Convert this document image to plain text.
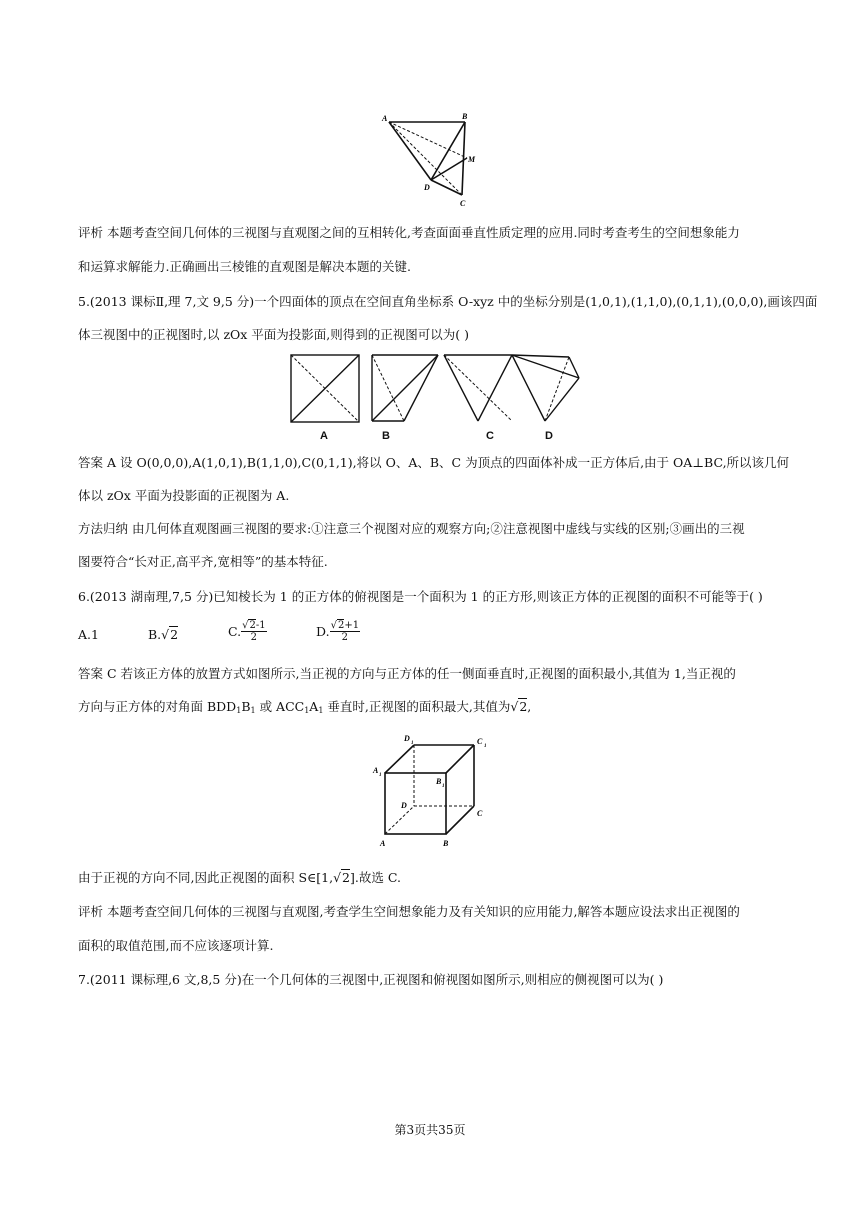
A	B
M
D
C
评析 本题考查空间几何体的三视图与直观图之间的互相转化,考查面面垂直性质定理的应用.同时考查考生的空间想象能力
和运算求解能力.正确画出三棱锥的直观图是解决本题的关键.
5.(2013 课标Ⅱ,理 7,文 9,5 分)一个四面体的顶点在空间直角坐标系 O-xyz 中的坐标分别是(1,0,1),(1,1,0),(0,1,1),(0,0,0),画该四面
体三视图中的正视图时,以 zOx 平面为投影面,则得到的正视图可以为( )
A	B	C	D
答案 A 设 O(0,0,0),A(1,0,1),B(1,1,0),C(0,1,1),将以 O、A、B、C 为顶点的四面体补成一正方体后,由于 OA⊥BC,所以该几何
体以 zOx 平面为投影面的正视图为 A.
方法归纳 由几何体直观图画三视图的要求:①注意三个视图对应的观察方向;②注意视图中虚线与实线的区别;③画出的三视
图要符合“长对正,高平齐,宽相等”的基本特征.
6.(2013 湖南理,7,5 分)已知棱长为 1 的正方体的俯视图是一个面积为 1 的正方形,则该正方体的正视图的面积不可能等于( )
A.1	B.√2	C. $\frac{√2-1}{2}$	D. $\frac{√2+1}{2}$
答案 C 若该正方体的放置方式如图所示,当正视的方向与正方体的任一侧面垂直时,正视图的面积最小,其值为 1,当正视的
方向与正方体的对角面 $BDD_1B_1$ 或 $ACC_1A_1$ 垂直时,正视图的面积最大,其值为√2,
D
1	C
1
A
1
B
1
D
C
A	B
由于正视的方向不同,因此正视图的面积 S∈[1,√2].故选 C.
评析 本题考查空间几何体的三视图与直观图,考查学生空间想象能力及有关知识的应用能力,解答本题应设法求出正视图的
面积的取值范围,而不应该逐项计算.
7.(2011 课标理,6 文,8,5 分)在一个几何体的三视图中,正视图和俯视图如图所示,则相应的侧视图可以为( )
第3页共35页
